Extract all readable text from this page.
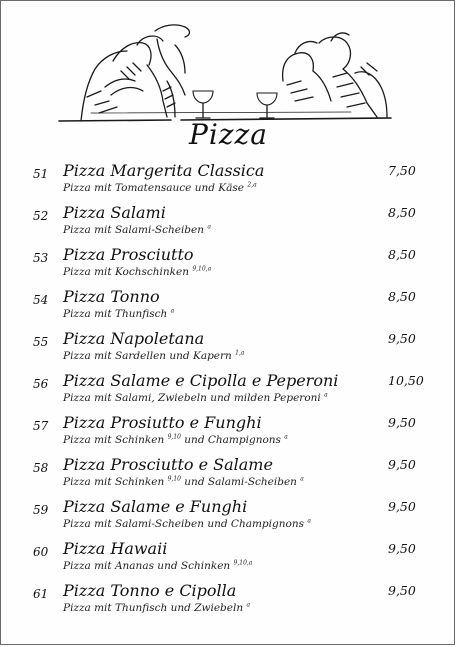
Pizza
51 Pizza Margerita Classica
Pizza mit Tomatensauce und Käse $^{2,a}$
7,50
52 Pizza Salami
Pizza mit Salami-Scheiben $^a$
8,50
53 Pizza Prosciutto
Pizza mit Kochschinken $^{9,10,a}$
8,50
54 Pizza Tonno
Pizza mit Thunfisch $^a$
8,50
55 Pizza Napoletana
Pizza mit Sardellen und Kapern $^{1,a}$
9,50
56 Pizza Salame e Cipolla e Peperoni
Pizza mit Salami, Zwiebeln und milden Peperoni $^a$
10,50
57 Pizza Prosiutto e Funghi
Pizza mit Schinken $^{9,10}$ und Champignons $^a$
9,50
58 Pizza Prosciutto e Salame
Pizza mit Schinken $^{9,10}$ und Salami-Scheiben $^a$
9,50
59 Pizza Salame e Funghi
Pizza mit Salami-Scheiben und Champignons $^a$
9,50
60 Pizza Hawaii
Pizza mit Ananas und Schinken $^{9,10,a}$
9,50
61 Pizza Tonno e Cipolla
Pizza mit Thunfisch und Zwiebeln $^a$
9,50
